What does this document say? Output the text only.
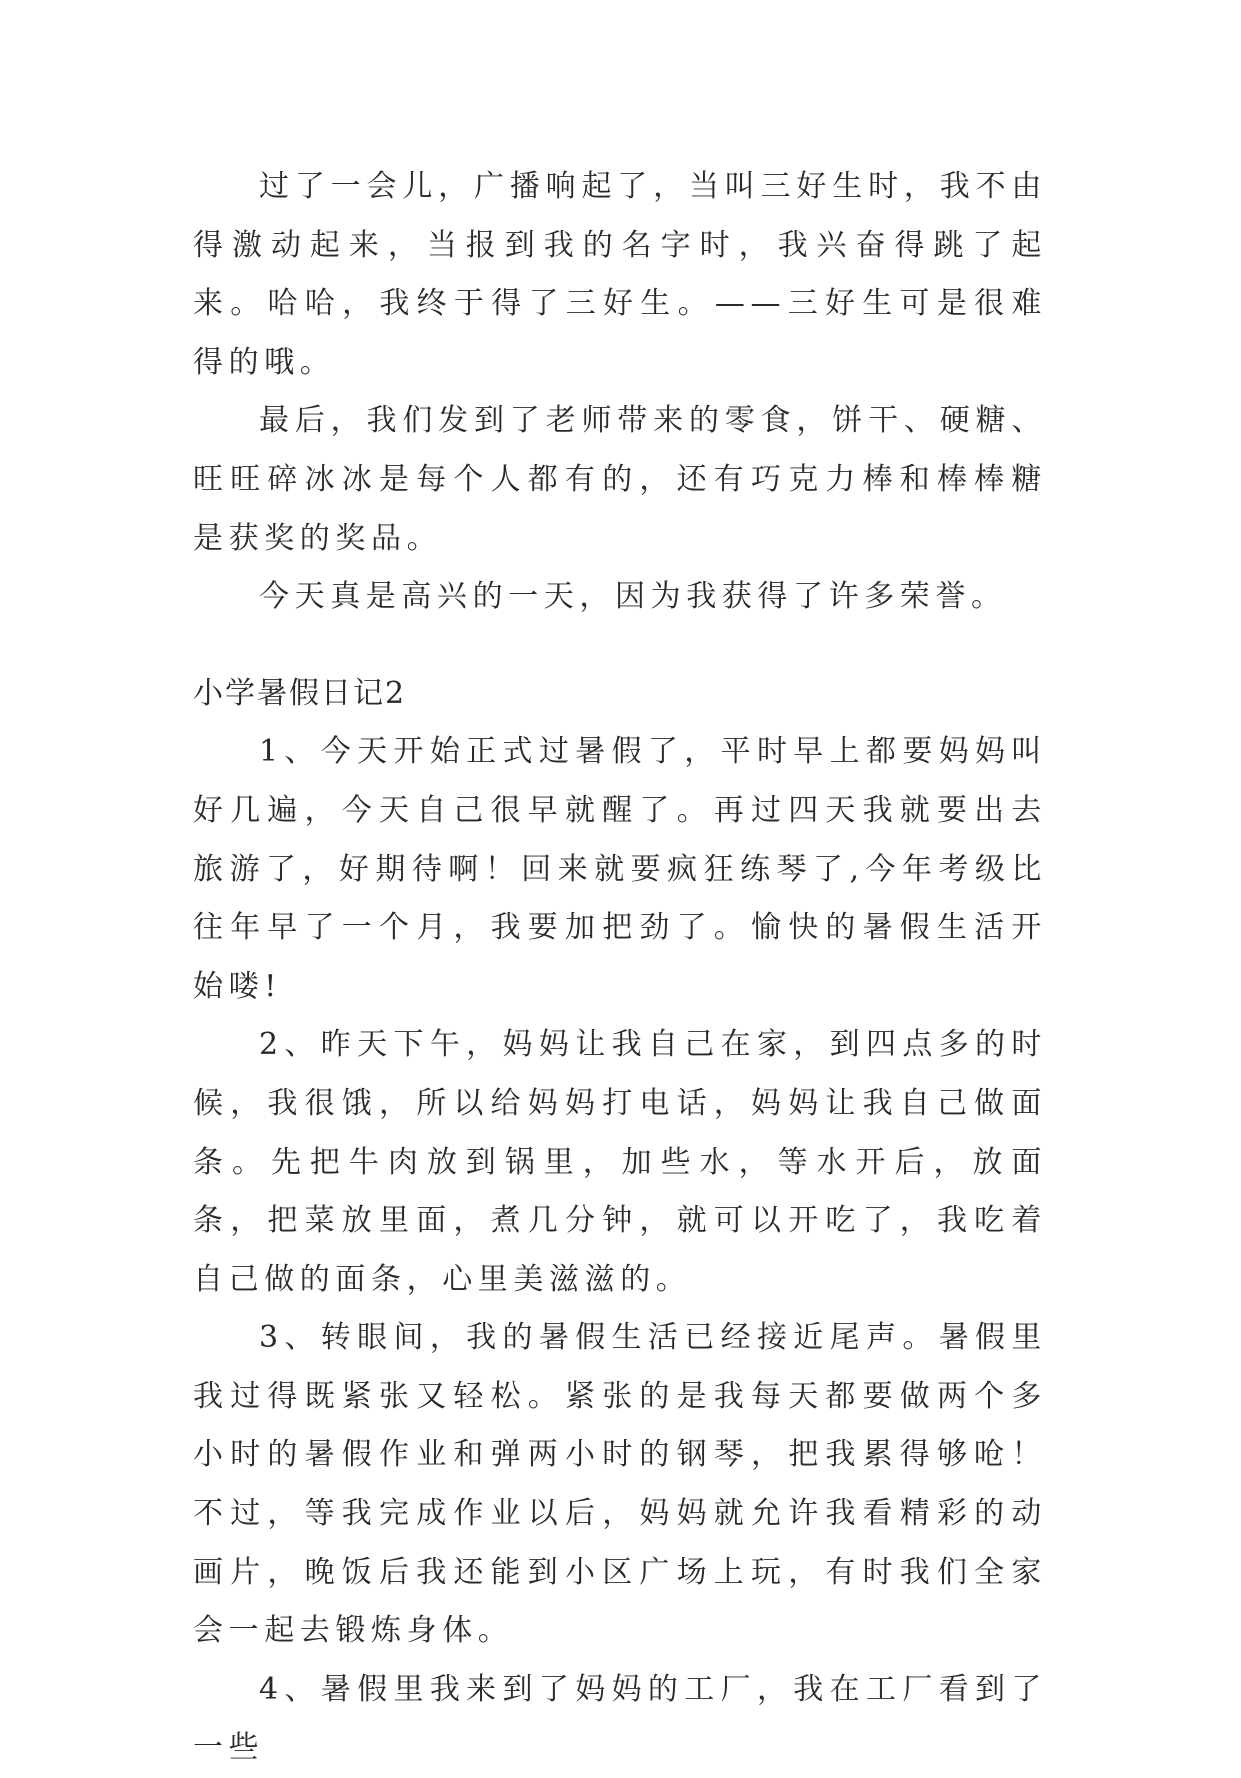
过了一会儿，广播响起了，当叫三好生时，我不由得激动起来，当报到我的名字时，我兴奋得跳了起来。哈哈，我终于得了三好生。——三好生可是很难得的哦。

最后，我们发到了老师带来的零食，饼干、硬糖、旺旺碎冰冰是每个人都有的，还有巧克力棒和棒棒糖是获奖的奖品。

今天真是高兴的一天，因为我获得了许多荣誉。

小学暑假日记2

1、今天开始正式过暑假了，平时早上都要妈妈叫好几遍，今天自己很早就醒了。再过四天我就要出去旅游了，好期待啊！回来就要疯狂练琴了,今年考级比往年早了一个月，我要加把劲了。愉快的暑假生活开始喽!

2、昨天下午，妈妈让我自己在家，到四点多的时候，我很饿，所以给妈妈打电话，妈妈让我自己做面条。先把牛肉放到锅里，加些水，等水开后，放面条，把菜放里面，煮几分钟，就可以开吃了，我吃着自己做的面条，心里美滋滋的。

3、转眼间，我的暑假生活已经接近尾声。暑假里我过得既紧张又轻松。紧张的是我每天都要做两个多小时的暑假作业和弹两小时的钢琴，把我累得够呛！不过，等我完成作业以后，妈妈就允许我看精彩的动画片，晚饭后我还能到小区广场上玩，有时我们全家会一起去锻炼身体。

4、暑假里我来到了妈妈的工厂，我在工厂看到了一些
